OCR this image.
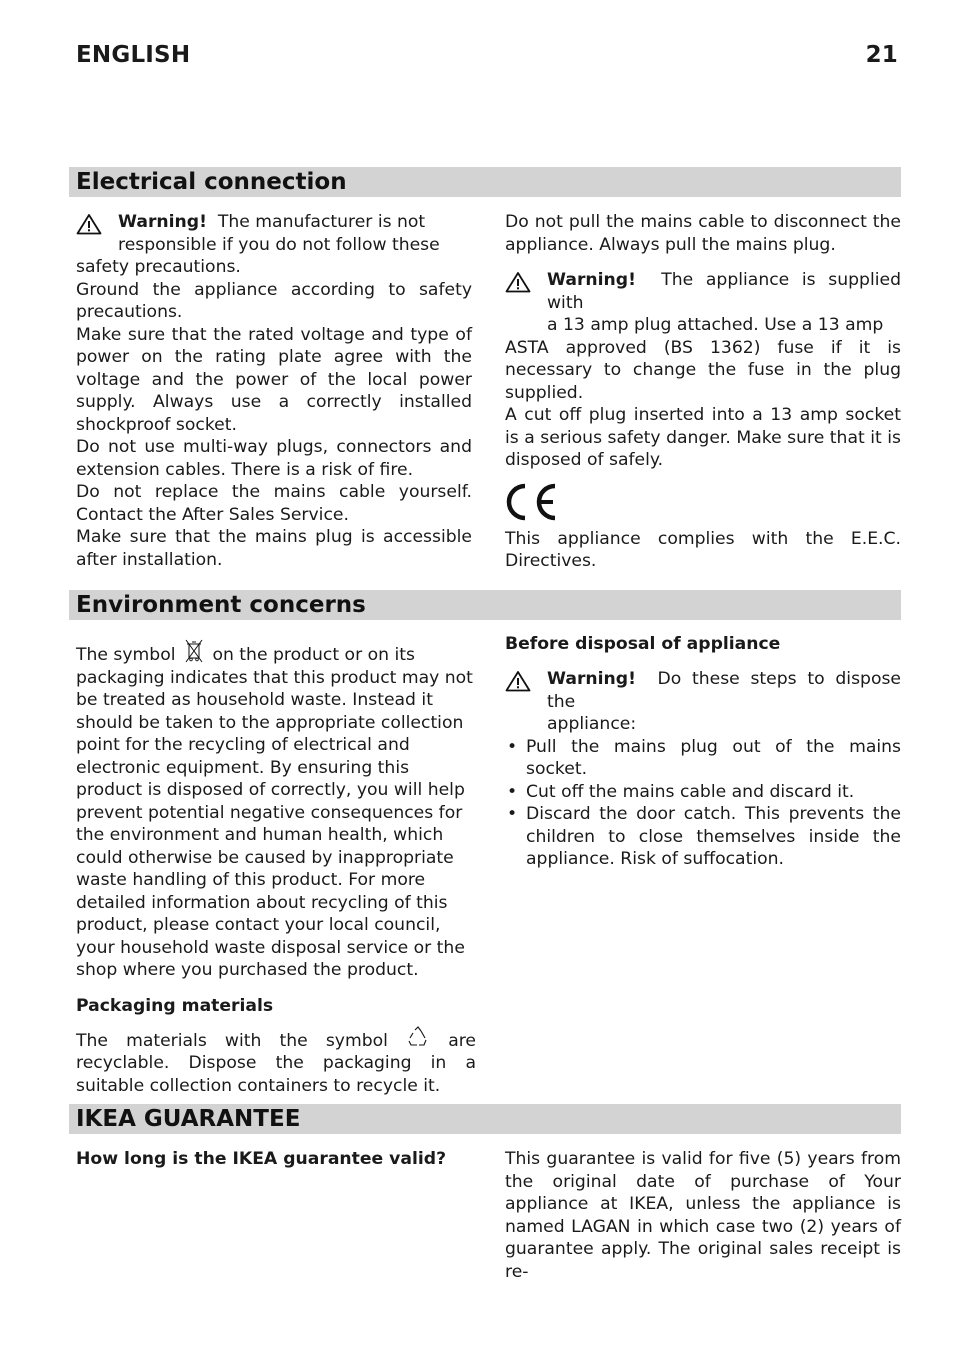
ENGLISH	21
Electrical connection
Warning! The manufacturer is not
responsible if you do not follow these
safety precautions.

Ground the appliance according to safety precautions.

Make sure that the rated voltage and type of power on the rating plate agree with the voltage and the power of the local power supply. Always use a correctly installed shockproof socket.

Do not use multi-way plugs, connectors and extension cables. There is a risk of fire.

Do not replace the mains cable yourself. Contact the After Sales Service.

Make sure that the mains plug is accessible after installation.

Do not pull the mains cable to disconnect the appliance. Always pull the mains plug.

Warning! The appliance is supplied with
a 13 amp plug attached. Use a 13 amp
ASTA approved (BS 1362) fuse if it is necessary to change the fuse in the plug supplied.

A cut off plug inserted into a 13 amp socket is a serious safety danger. Make sure that it is disposed of safely.

This appliance complies with the E.E.C. Directives.

Environment concerns

The symbol on the product or on its packaging indicates that this product may not be treated as household waste. Instead it should be taken to the appropriate collection point for the recycling of electrical and electronic equipment. By ensuring this product is disposed of correctly, you will help prevent potential negative consequences for the environment and human health, which could otherwise be caused by inappropriate waste handling of this product. For more detailed information about recycling of this product, please contact your local council, your household waste disposal service or the shop where you purchased the product.

Packaging materials

The materials with the symbol	are recyclable. Dispose the packaging in a suitable collection containers to recycle it.

Before disposal of appliance

Warning! Do these steps to dispose the
appliance:
• Pull the mains plug out of the mains socket.
• Cut off the mains cable and discard it.
• Discard the door catch. This prevents the children to close themselves inside the appliance. Risk of suffocation.
IKEA GUARANTEE

How long is the IKEA guarantee valid?	This guarantee is valid for five (5) years from the original date of purchase of Your appliance at IKEA, unless the appliance is named LAGAN in which case two (2) years of guarantee apply. The original sales receipt is re-
